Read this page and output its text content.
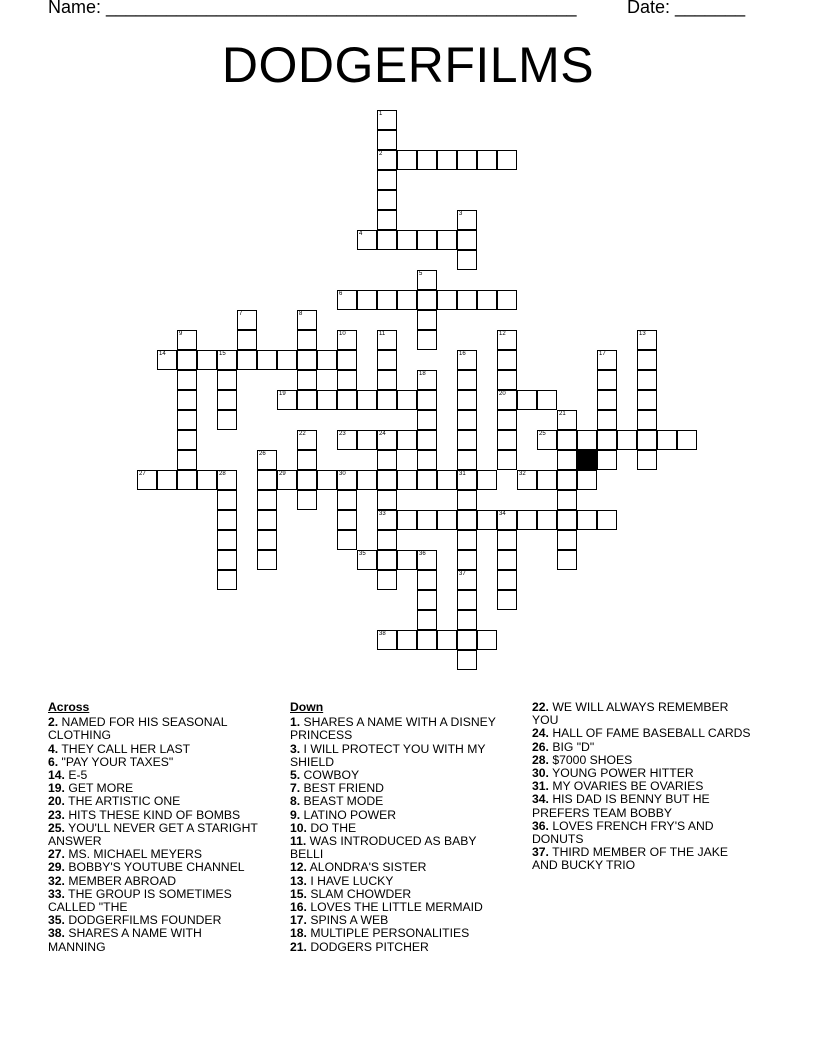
Name: _______________________________________________	Date: _______
DODGERFILMS
1
2
3
4
5
6
7	8
9	10	11	12
20
13
14	15	16	17
18
19
21
22	23	24
33
25
26
27	28	29	30	31
37
32
34
35	36
38
Across
2. NAMED FOR HIS SEASONAL CLOTHING
4. THEY CALL HER LAST
6. "PAY YOUR TAXES"
14. E-5
19. GET MORE
20. THE ARTISTIC ONE
23. HITS THESE KIND OF BOMBS
25. YOU'LL NEVER GET A STARIGHT ANSWER
27. MS. MICHAEL MEYERS
29. BOBBY'S YOUTUBE CHANNEL
32. MEMBER ABROAD
33. THE GROUP IS SOMETIMES CALLED "THE
35. DODGERFILMS FOUNDER
38. SHARES A NAME WITH MANNING
Down
1. SHARES A NAME WITH A DISNEY PRINCESS
3. I WILL PROTECT YOU WITH MY SHIELD
5. COWBOY
7. BEST FRIEND
8. BEAST MODE
9. LATINO POWER
10. DO THE
11. WAS INTRODUCED AS BABY BELLI
12. ALONDRA'S SISTER
13. I HAVE LUCKY
15. SLAM CHOWDER
16. LOVES THE LITTLE MERMAID
17. SPINS A WEB
18. MULTIPLE PERSONALITIES
21. DODGERS PITCHER
22. WE WILL ALWAYS REMEMBER YOU
24. HALL OF FAME BASEBALL CARDS
26. BIG "D"
28. $7000 SHOES
30. YOUNG POWER HITTER
31. MY OVARIES BE OVARIES
34. HIS DAD IS BENNY BUT HE PREFERS TEAM BOBBY
36. LOVES FRENCH FRY'S AND DONUTS
37. THIRD MEMBER OF THE JAKE AND BUCKY TRIO
